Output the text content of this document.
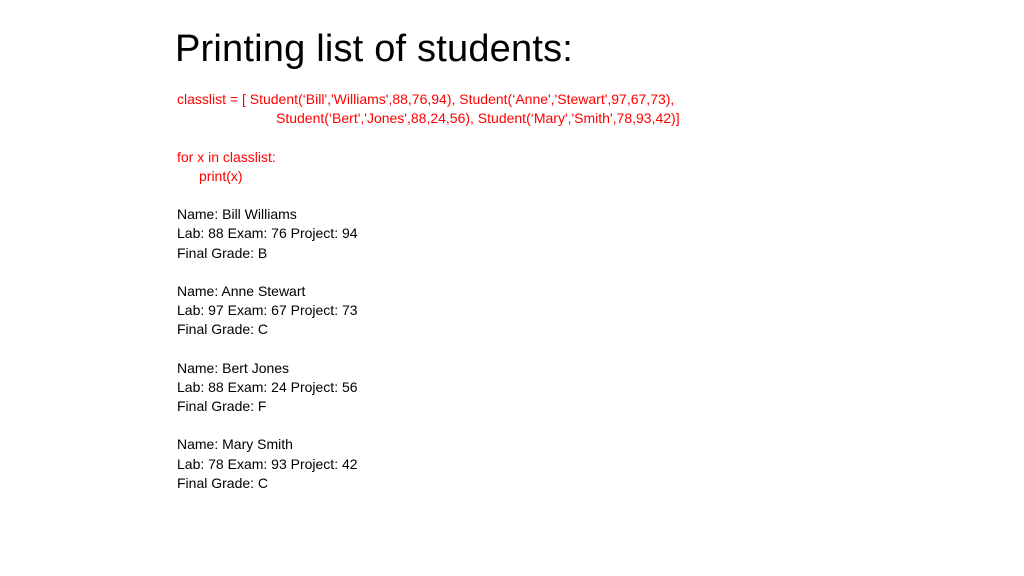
Printing list of students:
classlist = [ Student(‘Bill','Williams',88,76,94), Student(‘Anne','Stewart',97,67,73),
Student(‘Bert','Jones',88,24,56), Student(‘Mary','Smith',78,93,42)]
for x in classlist:
print(x)
Name: Bill Williams
Lab: 88 Exam: 76 Project: 94
Final Grade: B
Name: Anne Stewart
Lab: 97 Exam: 67 Project: 73
Final Grade: C
Name: Bert Jones
Lab: 88 Exam: 24 Project: 56
Final Grade: F
Name: Mary Smith
Lab: 78 Exam: 93 Project: 42
Final Grade: C
